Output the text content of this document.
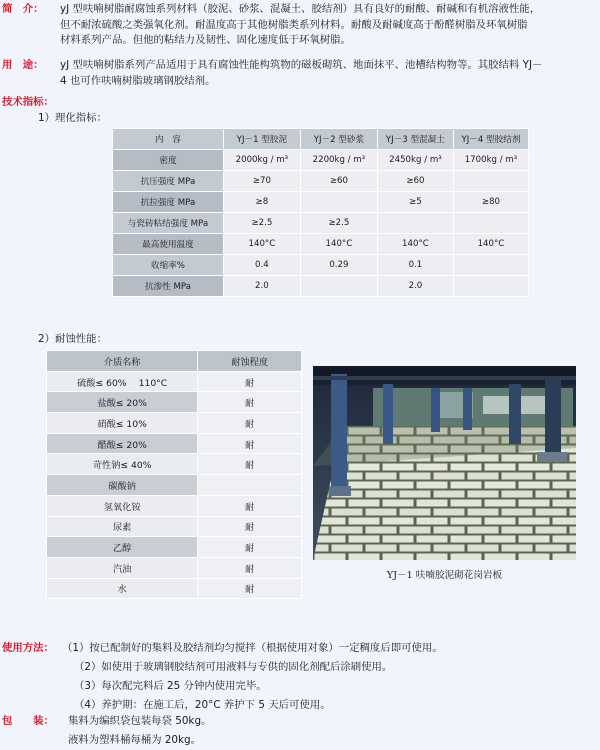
简　介： yJ 型呋喃树脂耐腐蚀系列材料（胶泥、砂浆、混凝土、胶结剂）具有良好的耐酸、耐碱和有机溶液性能，
但不耐浓硫酸之类强氧化剂。耐温度高于其他树脂类系列材料。耐酸及耐碱度高于酚醛树脂及环氧树脂
材料系列产品。但他的粘结力及韧性、固化速度低于环氧树脂。
用　途： yJ 型呋喃树脂系列产品适用于具有腐蚀性能构筑物的磁板砌筑、地面抹平、池槽结构物等。其胶结料 YJ－
4 也可作呋喃树脂玻璃钢胶结剂。
技术指标：
1）理化指标：
内　容	YJ－1 型胶泥	YJ－2 型砂浆	YJ－3 型混凝土	YJ－4 型胶结剂
密度	2000kg / m³	2200kg / m³	2450kg / m³	1700kg / m³
抗压强度 MPa	≥70	≥60	≥60	
抗拉强度 MPa	≥8		≥5	≥80
与瓷砖粘结强度 MPa	≥2.5	≥2.5		
最高使用温度	140°C	140°C	140°C	140°C
收缩率%	0.4	0.29	0.1	
抗渗性 MPa	2.0		2.0	
2）耐蚀性能：
介质名称	耐蚀程度
硫酸≤ 60%　 110°C	耐
盐酸≤ 20%	耐
硝酸≤ 10%	耐
醋酸≤ 20%	耐
苛性钠≤ 40%	耐
碳酸钠	
氢氧化铵	耐
尿素	耐
乙醇	耐
汽油	耐
水	耐
YJ－1 呋喃胶泥砌花岗岩板
使用方法： （1）按已配制好的集料及胶结剂均匀搅拌（根据使用对象）一定稠度后即可使用。
（2）如使用于玻璃钢胶结剂可用液料与专供的固化剂配后涂刷使用。
（3）每次配完料后 25 分钟内使用完毕。
（4）养护期：在施工后，20°C 养护下 5 天后可使用。
包　　装： 集料为编织袋包装每袋 50kg。
液料为塑料桶每桶为 20kg。
